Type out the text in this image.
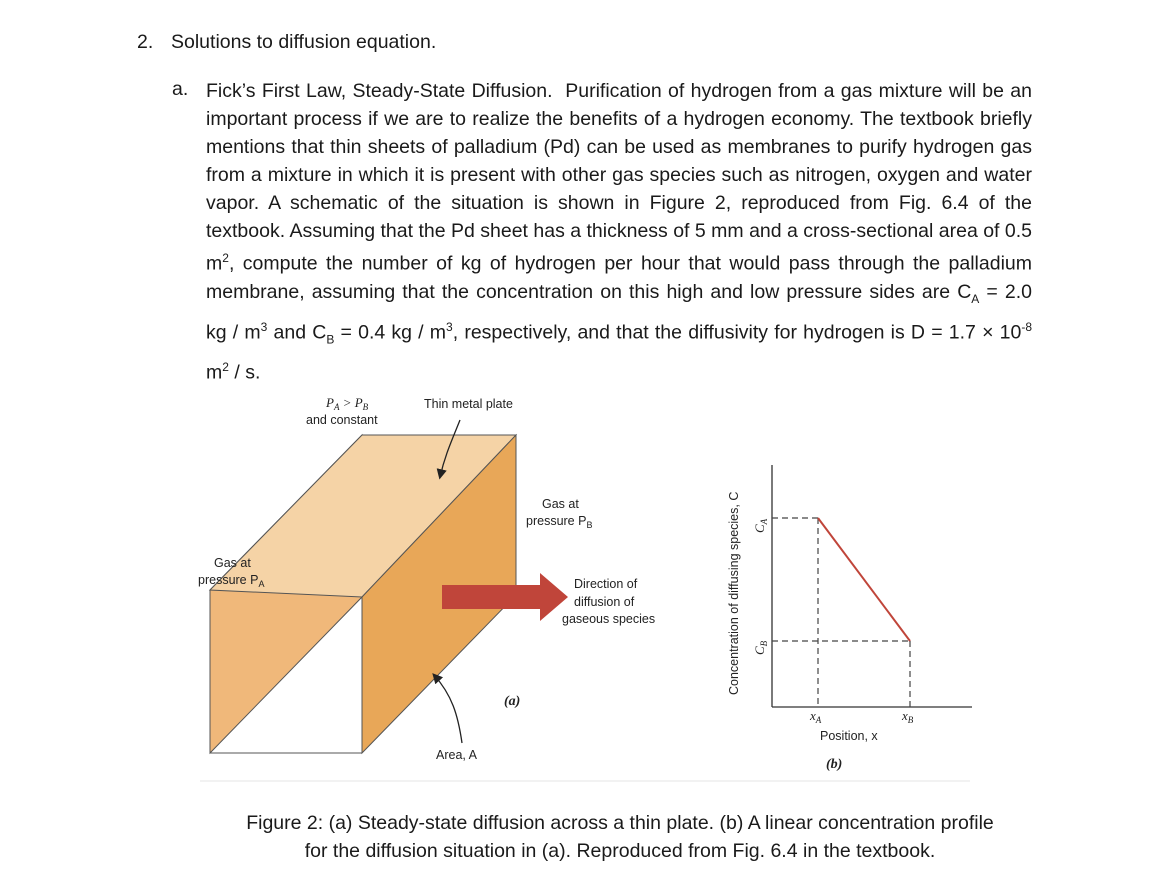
2. Solutions to diffusion equation.
a. Fick’s First Law, Steady-State Diffusion. Purification of hydrogen from a gas mixture will be an important process if we are to realize the benefits of a hydrogen economy. The textbook briefly mentions that thin sheets of palladium (Pd) can be used as membranes to purify hydrogen gas from a mixture in which it is present with other gas species such as nitrogen, oxygen and water vapor. A schematic of the situation is shown in Figure 2, reproduced from Fig. 6.4 of the textbook. Assuming that the Pd sheet has a thickness of 5 mm and a cross-sectional area of 0.5 $m^2$, compute the number of kg of hydrogen per hour that would pass through the palladium membrane, assuming that the concentration on this high and low pressure sides are $C_A = 2.0$ kg / $m^3$ and $C_B = 0.4$ kg / $m^3$, respectively, and that the diffusivity for hydrogen is $D = 1.7 \times 10^{-8}$ $m^2$ / s.
$P_A > P_B$
and constant
Thin metal plate
Gas at
pressure $P_A$
Gas at
pressure $P_B$
Direction of
diffusion of
gaseous species
Area, A
(a)
Concentration of diffusing species, C $C_A$
$C_B$
$x_A$	$x_B$
Position, x
(b)
Figure 2: (a) Steady-state diffusion across a thin plate. (b) A linear concentration profile
for the diffusion situation in (a). Reproduced from Fig. 6.4 in the textbook.
